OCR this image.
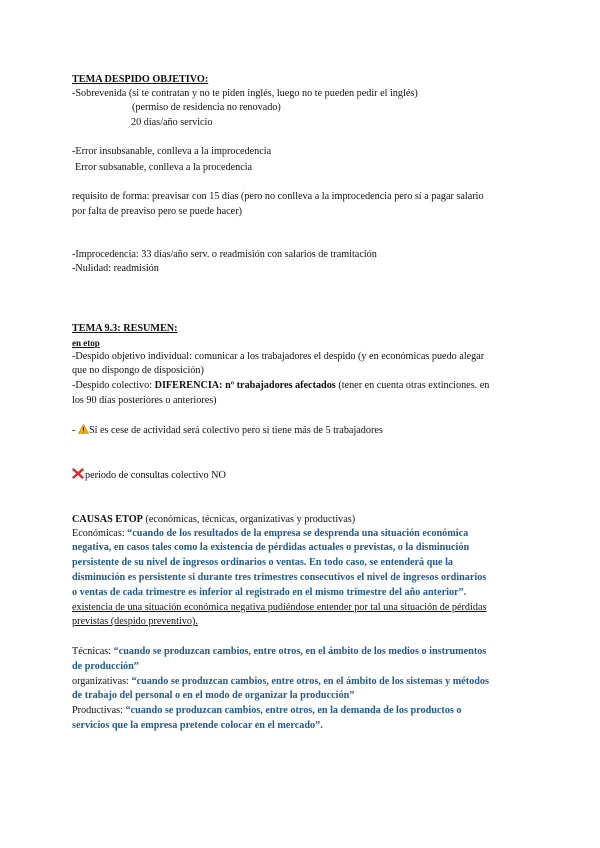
TEMA DESPIDO OBJETIVO:
-Sobrevenida (si te contratan y no te piden inglés, luego no te pueden pedir el inglés)
(permiso de residencia no renovado)
20 días/año servicio
-Error insubsanable, conlleva a la improcedencia
Error subsanable, conlleva a la procedencia
requisito de forma: preavisar con 15 días (pero no conlleva a la improcedencia pero sí a pagar salario
por falta de preaviso pero se puede hacer)
-Improcedencia: 33 días/año serv. o readmisión con salarios de tramitación
-Nulidad: readmisión
TEMA 9.3: RESUMEN:
en etop
-Despido objetivo individual: comunicar a los trabajadores el despido (y en económicas puedo alegar
que no dispongo de disposición)
-Despido colectivo: DIFERENCIA: nº trabajadores afectados (tener en cuenta otras extinciones. en
los 90 días posteriores o anteriores)
- Si es cese de actividad será colectivo pero si tiene más de 5 trabajadores
periodo de consultas colectivo NO
CAUSAS ETOP (económicas, técnicas, organizativas y productivas)
Económicas: “cuando de los resultados de la empresa se desprenda una situación económica
negativa, en casos tales como la existencia de pérdidas actuales o previstas, o la disminución
persistente de su nivel de ingresos ordinarios o ventas. En todo caso, se entenderá que la
disminución es persistente si durante tres trimestres consecutivos el nivel de ingresos ordinarios
o ventas de cada trimestre es inferior al registrado en el mismo trimestre del año anterior”.
existencia de una situación económica negativa pudiéndose entender por tal una situación de pérdidas
previstas (despido preventivo).
Técnicas: “cuando se produzcan cambios, entre otros, en el ámbito de los medios o instrumentos
de producción”
organizativas: “cuando se produzcan cambios, entre otros, en el ámbito de los sistemas y métodos
de trabajo del personal o en el modo de organizar la producción”
Productivas: “cuando se produzcan cambios, entre otros, en la demanda de los productos o
servicios que la empresa pretende colocar en el mercado”.
